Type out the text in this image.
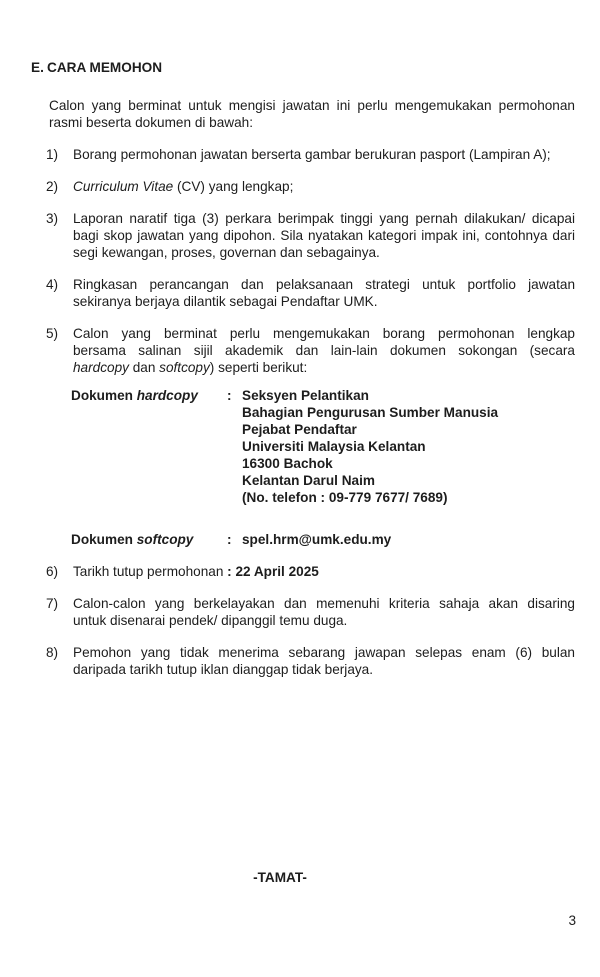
E. CARA MEMOHON
Calon yang berminat untuk mengisi jawatan ini perlu mengemukakan permohonan
rasmi beserta dokumen di bawah:
1)	Borang permohonan jawatan berserta gambar berukuran pasport (Lampiran A);
2)	Curriculum Vitae (CV) yang lengkap;
3)	Laporan naratif tiga (3) perkara berimpak tinggi yang pernah dilakukan/ dicapai
bagi skop jawatan yang dipohon. Sila nyatakan kategori impak ini, contohnya dari
segi kewangan, proses, governan dan sebagainya.
4)	Ringkasan perancangan dan pelaksanaan strategi untuk portfolio jawatan
sekiranya berjaya dilantik sebagai Pendaftar UMK.
5)	Calon yang berminat perlu mengemukakan borang permohonan lengkap
bersama salinan sijil akademik dan lain-lain dokumen sokongan (secara
hardcopy dan softcopy) seperti berikut:
Dokumen hardcopy	: Seksyen Pelantikan
Bahagian Pengurusan Sumber Manusia
Pejabat Pendaftar
Universiti Malaysia Kelantan
16300 Bachok
Kelantan Darul Naim
(No. telefon : 09-779 7677/ 7689)
Dokumen softcopy	: spel.hrm@umk.edu.my
6)	Tarikh tutup permohonan : 22 April 2025
7)	Calon-calon yang berkelayakan dan memenuhi kriteria sahaja akan disaring
untuk disenarai pendek/ dipanggil temu duga.
8)	Pemohon yang tidak menerima sebarang jawapan selepas enam (6) bulan
daripada tarikh tutup iklan dianggap tidak berjaya.
-TAMAT-
3
